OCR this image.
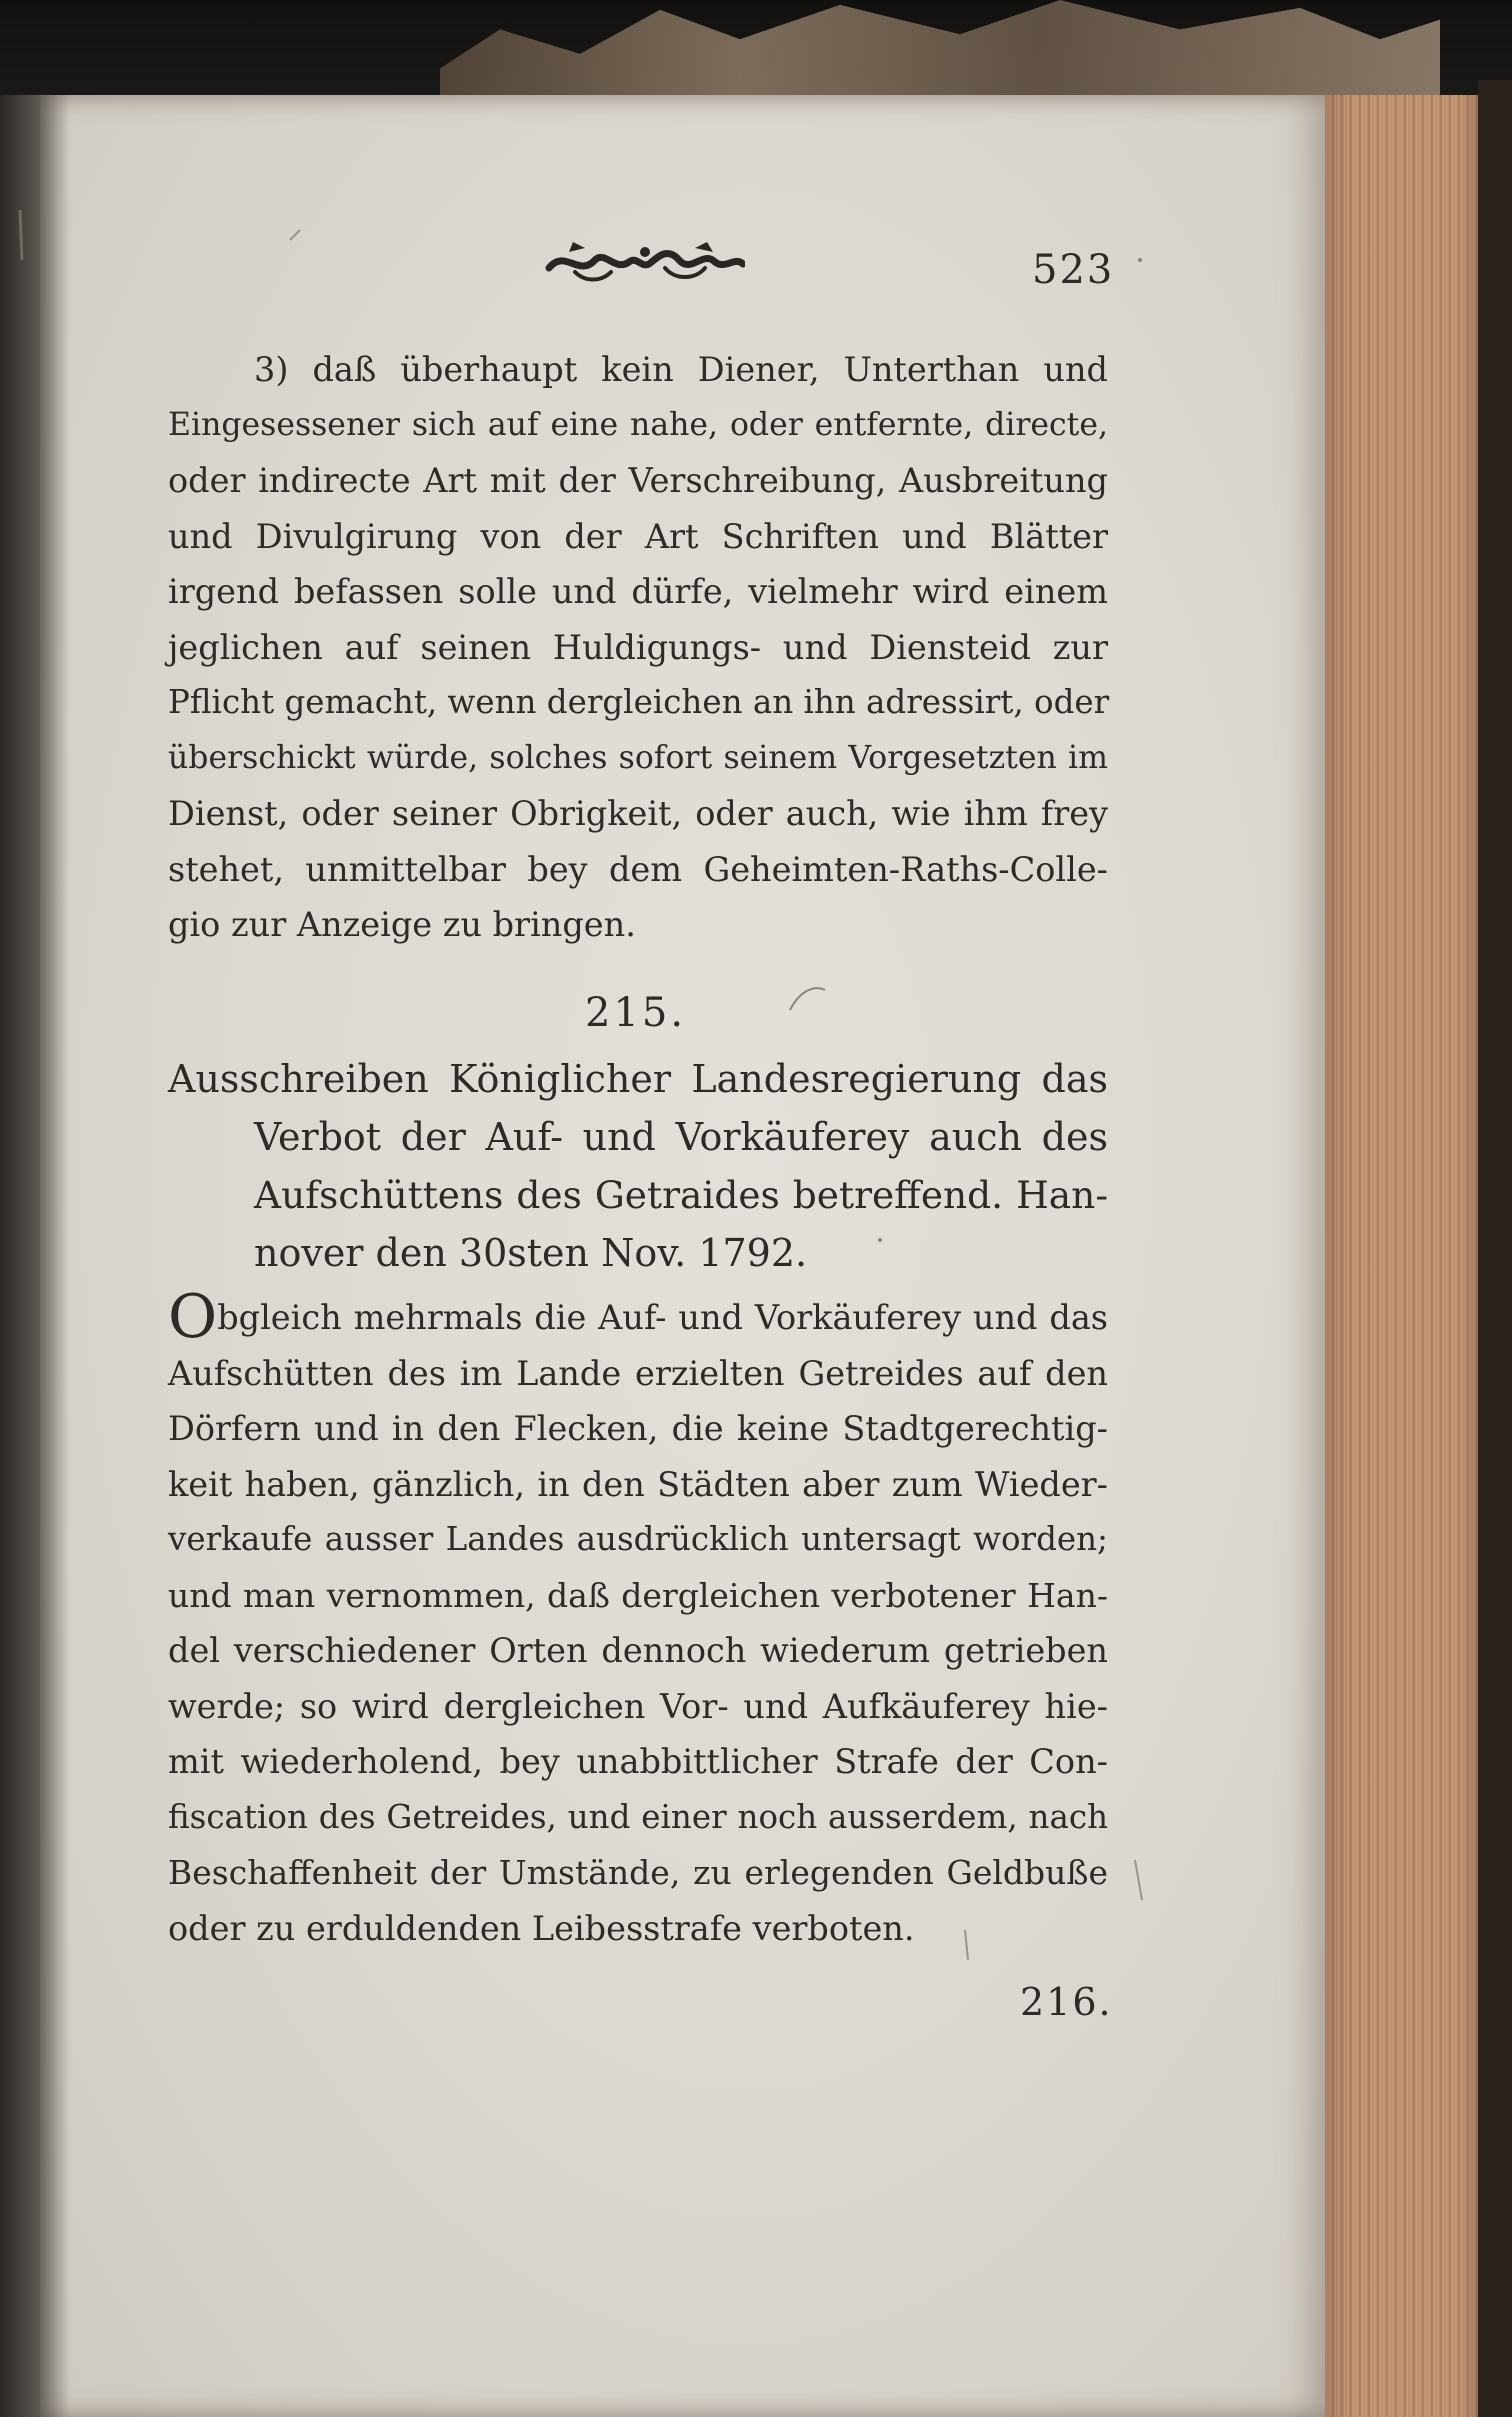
523
3) daß überhaupt kein Diener, Unterthan und
Eingesessener sich auf eine nahe, oder entfernte, directe,
oder indirecte Art mit der Verschreibung, Ausbreitung
und Divulgirung von der Art Schriften und Blätter
irgend befassen solle und dürfe, vielmehr wird einem
jeglichen auf seinen Huldigungs- und Diensteid zur
Pflicht gemacht, wenn dergleichen an ihn adressirt, oder
überschickt würde, solches sofort seinem Vorgesetzten im
Dienst, oder seiner Obrigkeit, oder auch, wie ihm frey
stehet, unmittelbar bey dem Geheimten-Raths-Colle-
gio zur Anzeige zu bringen.
215.
Ausschreiben Königlicher Landesregierung das
Verbot der Auf- und Vorkäuferey auch des
Aufschüttens des Getraides betreffend. Han-
nover den 30sten Nov. 1792.
Obgleich mehrmals die Auf- und Vorkäuferey und das
Aufschütten des im Lande erzielten Getreides auf den
Dörfern und in den Flecken, die keine Stadtgerechtig-
keit haben, gänzlich, in den Städten aber zum Wieder-
verkaufe ausser Landes ausdrücklich untersagt worden;
und man vernommen, daß dergleichen verbotener Han-
del verschiedener Orten dennoch wiederum getrieben
werde; so wird dergleichen Vor- und Aufkäuferey hie-
mit wiederholend, bey unabbittlicher Strafe der Con-
fiscation des Getreides, und einer noch ausserdem, nach
Beschaffenheit der Umstände, zu erlegenden Geldbuße
oder zu erduldenden Leibesstrafe verboten.
216.
